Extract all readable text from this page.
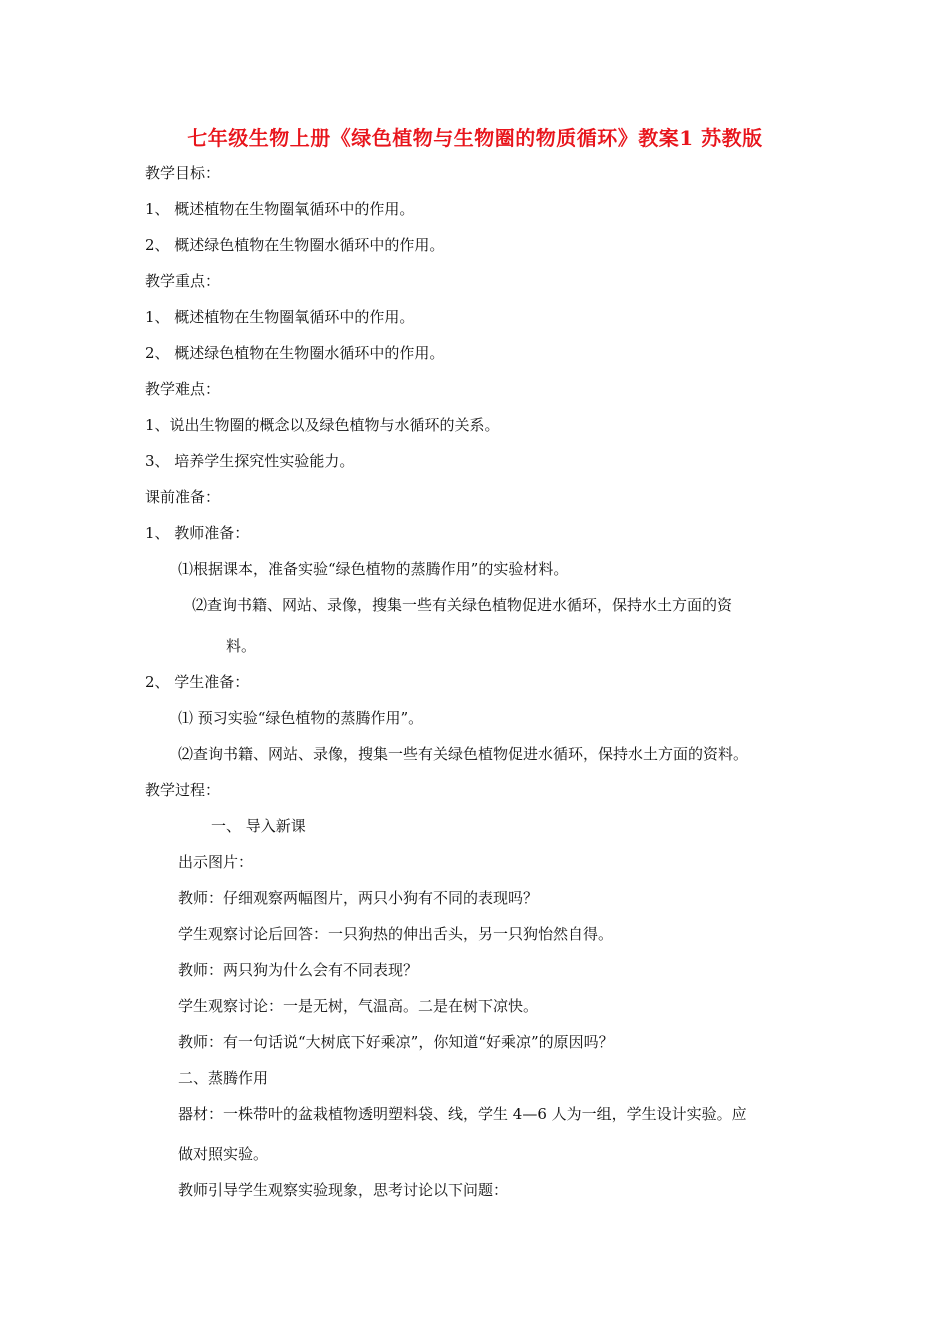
七年级生物上册《绿色植物与生物圈的物质循环》教案1 苏教版
教学目标：
1、 概述植物在生物圈氧循环中的作用。
2、 概述绿色植物在生物圈水循环中的作用。
教学重点：
1、 概述植物在生物圈氧循环中的作用。
2、 概述绿色植物在生物圈水循环中的作用。
教学难点：
1、说出生物圈的概念以及绿色植物与水循环的关系。
3、 培养学生探究性实验能力。
课前准备：
1、 教师准备：
⑴根据课本，准备实验“绿色植物的蒸腾作用”的实验材料。
⑵查询书籍、网站、录像，搜集一些有关绿色植物促进水循环，保持水土方面的资
料。
2、 学生准备：
⑴ 预习实验“绿色植物的蒸腾作用”。
⑵查询书籍、网站、录像，搜集一些有关绿色植物促进水循环，保持水土方面的资料。
教学过程：
一、 导入新课
出示图片：
教师：仔细观察两幅图片，两只小狗有不同的表现吗？
学生观察讨论后回答：一只狗热的伸出舌头，另一只狗怡然自得。
教师：两只狗为什么会有不同表现？
学生观察讨论：一是无树，气温高。二是在树下凉快。
教师：有一句话说“大树底下好乘凉”，你知道“好乘凉”的原因吗？
二、蒸腾作用
器材：一株带叶的盆栽植物透明塑料袋、线，学生 4—6 人为一组，学生设计实验。应
做对照实验。
教师引导学生观察实验现象，思考讨论以下问题：
